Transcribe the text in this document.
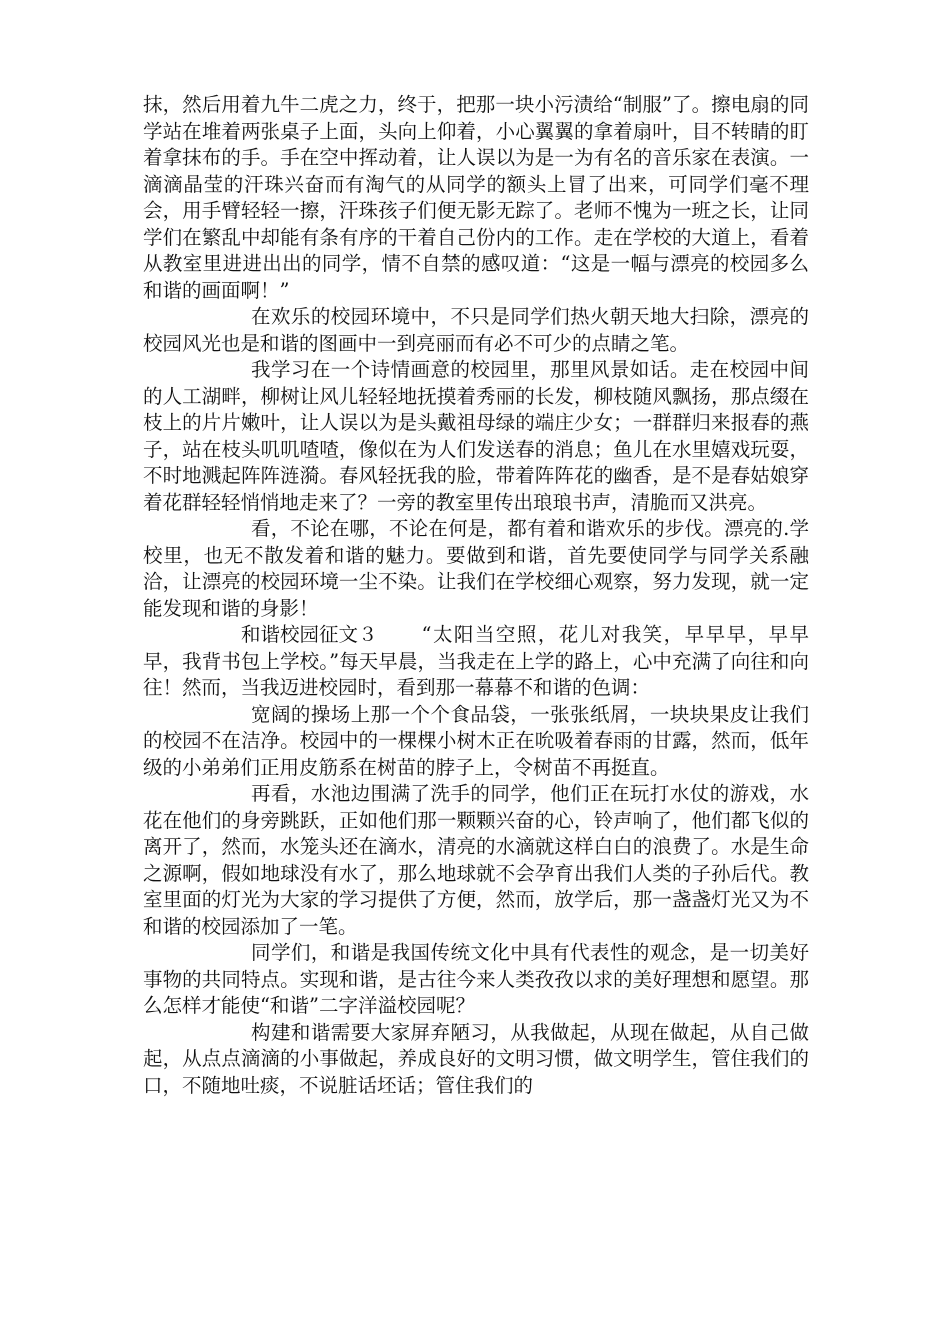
抹，然后用着九牛二虎之力，终于，把那一块小污渍给“制服”了。擦电扇的同学站在堆着两张桌子上面，头向上仰着，小心翼翼的拿着扇叶，目不转睛的盯着拿抹布的手。手在空中挥动着，让人误以为是一为有名的音乐家在表演。一滴滴晶莹的汗珠兴奋而有淘气的从同学的额头上冒了出来，可同学们毫不理会，用手臂轻轻一擦，汗珠孩子们便无影无踪了。老师不愧为一班之长，让同学们在繁乱中却能有条有序的干着自己份内的工作。走在学校的大道上，看着从教室里进进出出的同学，情不自禁的感叹道：“这是一幅与漂亮的校园多么和谐的画面啊！”

在欢乐的校园环境中，不只是同学们热火朝天地大扫除，漂亮的校园风光也是和谐的图画中一到亮丽而有必不可少的点睛之笔。

我学习在一个诗情画意的校园里，那里风景如话。走在校园中间的人工湖畔，柳树让风儿轻轻地抚摸着秀丽的长发，柳枝随风飘扬，那点缀在枝上的片片嫩叶，让人误以为是头戴祖母绿的端庄少女；一群群归来报春的燕子，站在枝头叽叽喳喳，像似在为人们发送春的消息；鱼儿在水里嬉戏玩耍，不时地溅起阵阵涟漪。春风轻抚我的脸，带着阵阵花的幽香，是不是春姑娘穿着花群轻轻悄悄地走来了？一旁的教室里传出琅琅书声，清脆而又洪亮。

看，不论在哪，不论在何是，都有着和谐欢乐的步伐。漂亮的.学校里，也无不散发着和谐的魅力。要做到和谐，首先要使同学与同学关系融洽，让漂亮的校园环境一尘不染。让我们在学校细心观察，努力发现，就一定能发现和谐的身影！

和谐校园征文３ “太阳当空照，花儿对我笑，早早早，早早早，我背书包上学校。”每天早晨，当我走在上学的路上，心中充满了向往和向往！然而，当我迈进校园时，看到那一幕幕不和谐的色调：

宽阔的操场上那一个个食品袋，一张张纸屑，一块块果皮让我们的校园不在洁净。校园中的一棵棵小树木正在吮吸着春雨的甘露，然而，低年级的小弟弟们正用皮筋系在树苗的脖子上，令树苗不再挺直。

再看，水池边围满了洗手的同学，他们正在玩打水仗的游戏，水花在他们的身旁跳跃，正如他们那一颗颗兴奋的心，铃声响了，他们都飞似的离开了，然而，水笼头还在滴水，清亮的水滴就这样白白的浪费了。水是生命之源啊，假如地球没有水了，那么地球就不会孕育出我们人类的子孙后代。教室里面的灯光为大家的学习提供了方便，然而，放学后，那一盏盏灯光又为不和谐的校园添加了一笔。

同学们，和谐是我国传统文化中具有代表性的观念，是一切美好事物的共同特点。实现和谐，是古往今来人类孜孜以求的美好理想和愿望。那么怎样才能使“和谐”二字洋溢校园呢？

构建和谐需要大家屏弃陋习，从我做起，从现在做起，从自己做起，从点点滴滴的小事做起，养成良好的文明习惯，做文明学生，管住我们的口，不随地吐痰，不说脏话坯话；管住我们的
